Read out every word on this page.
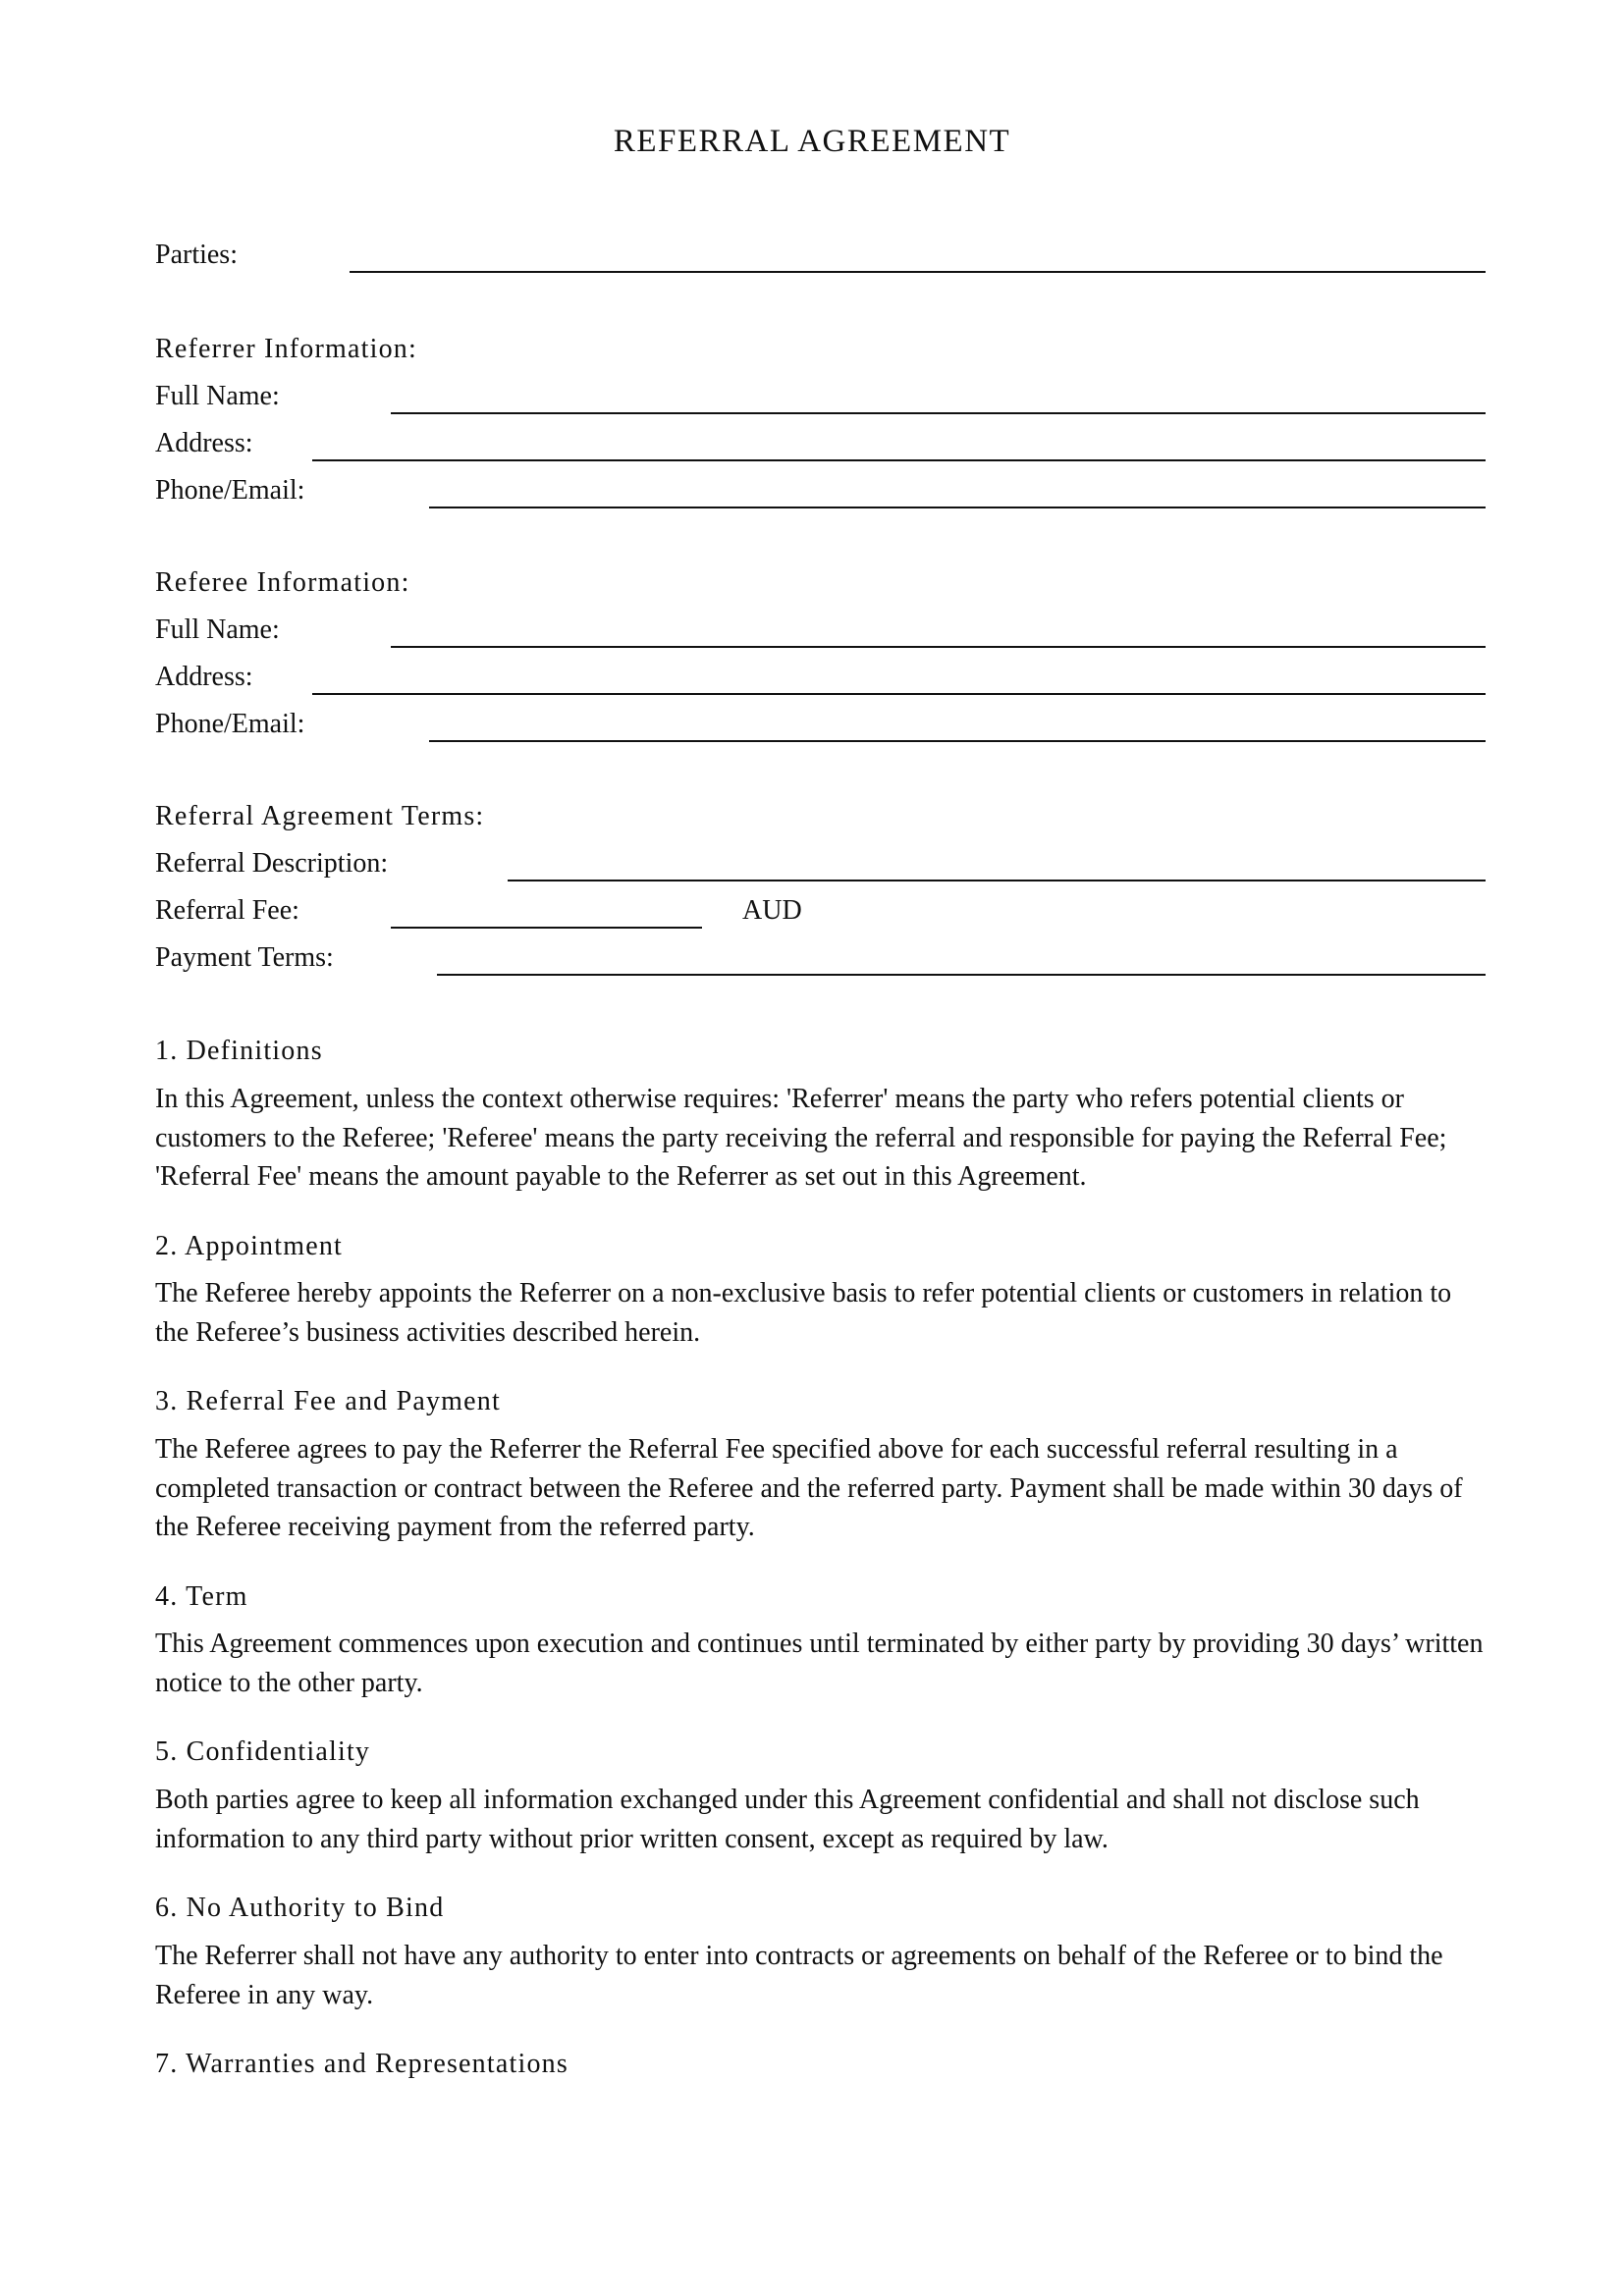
REFERRAL AGREEMENT
Parties:
Referrer Information:
Full Name:
Address:
Phone/Email:
Referee Information:
Full Name:
Address:
Phone/Email:
Referral Agreement Terms:
Referral Description:
Referral Fee:	AUD
Payment Terms:
1. Definitions

In this Agreement, unless the context otherwise requires: 'Referrer' means the party who refers potential clients or customers to the Referee; 'Referee' means the party receiving the referral and responsible for paying the Referral Fee; 'Referral Fee' means the amount payable to the Referrer as set out in this Agreement.

2. Appointment

The Referee hereby appoints the Referrer on a non-exclusive basis to refer potential clients or customers in relation to the Referee’s business activities described herein.

3. Referral Fee and Payment

The Referee agrees to pay the Referrer the Referral Fee specified above for each successful referral resulting in a completed transaction or contract between the Referee and the referred party. Payment shall be made within 30 days of the Referee receiving payment from the referred party.

4. Term

This Agreement commences upon execution and continues until terminated by either party by providing 30 days’ written notice to the other party.

5. Confidentiality

Both parties agree to keep all information exchanged under this Agreement confidential and shall not disclose such information to any third party without prior written consent, except as required by law.

6. No Authority to Bind

The Referrer shall not have any authority to enter into contracts or agreements on behalf of the Referee or to bind the Referee in any way.

7. Warranties and Representations
